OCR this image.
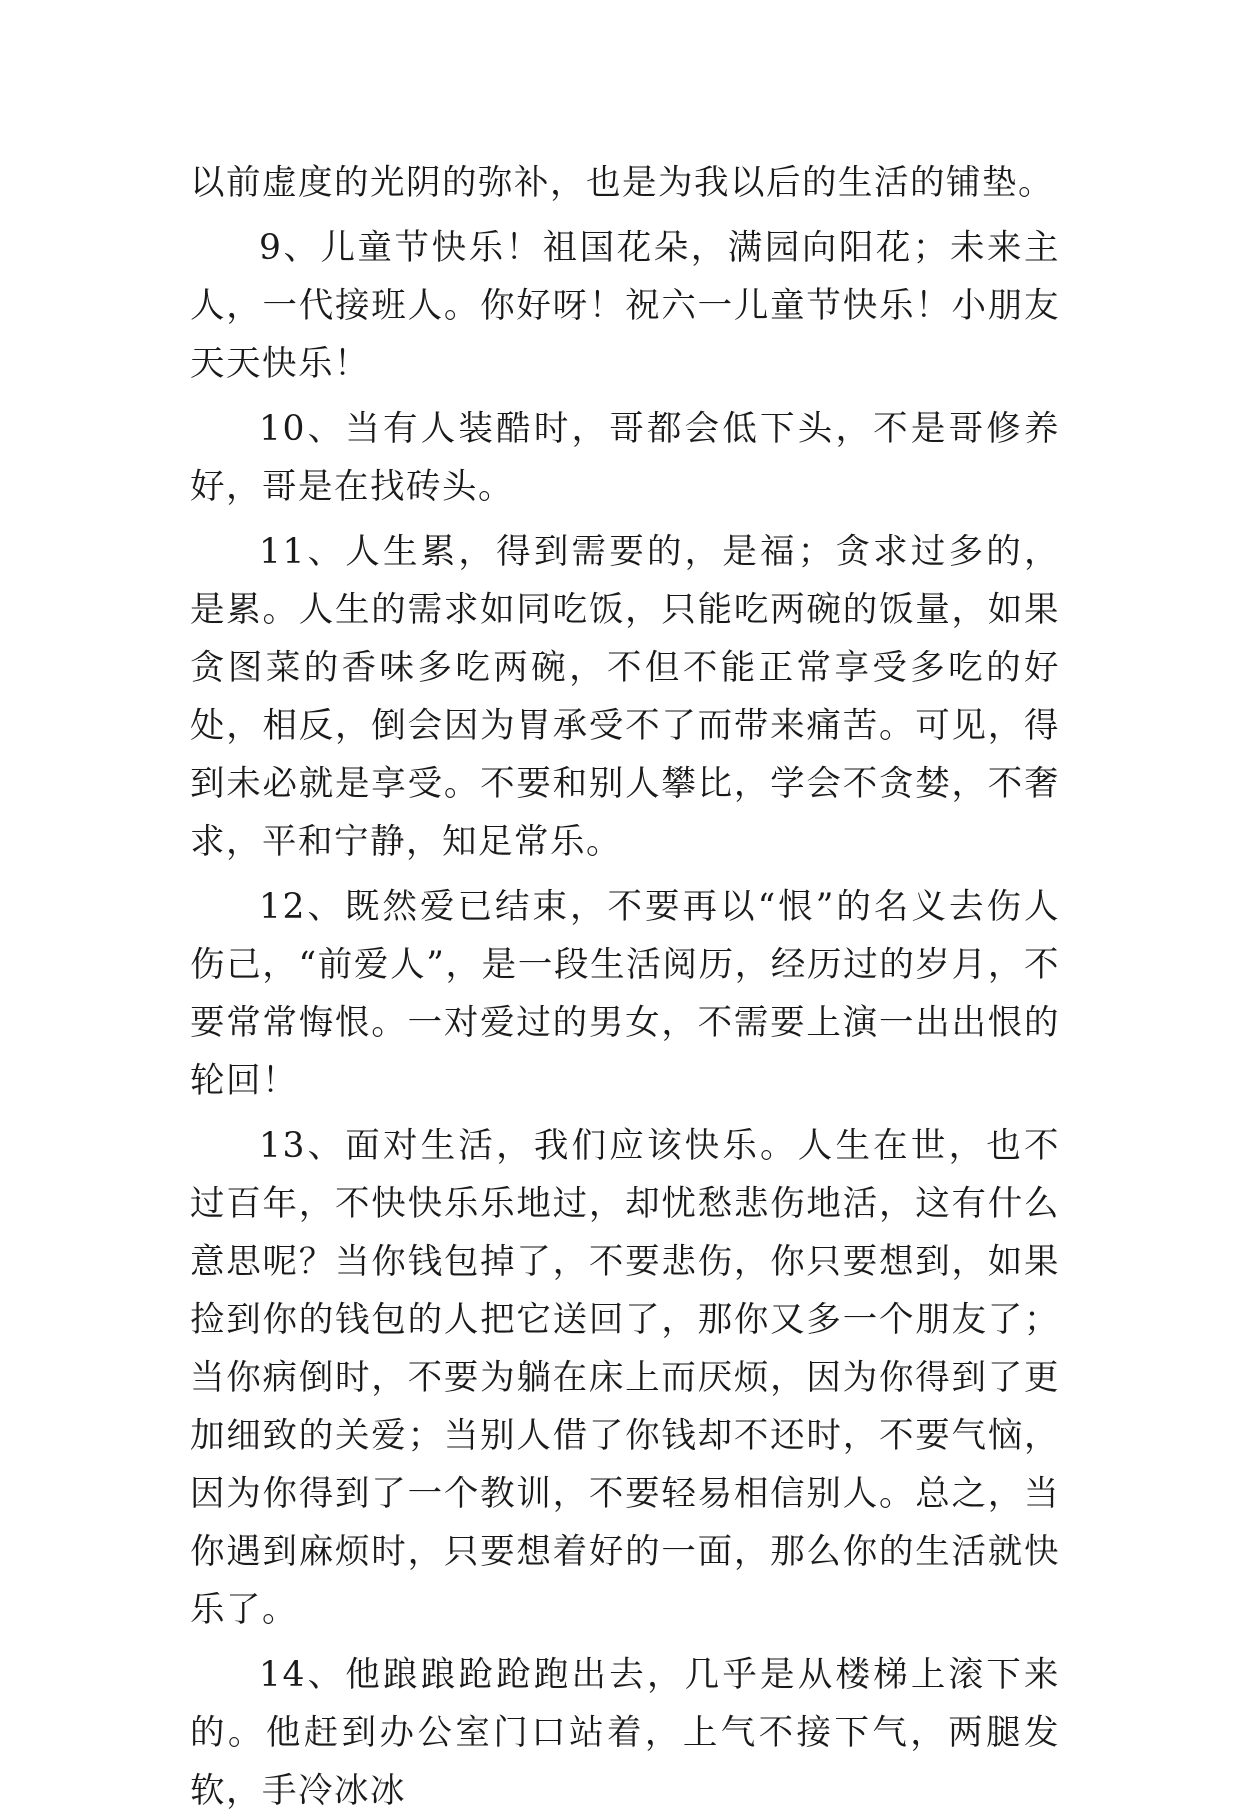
以前虚度的光阴的弥补，也是为我以后的生活的铺垫。

9、儿童节快乐！祖国花朵，满园向阳花；未来主人，一代接班人。你好呀！祝六一儿童节快乐！小朋友天天快乐！

10、当有人装酷时，哥都会低下头，不是哥修养好，哥是在找砖头。

11、人生累，得到需要的，是福；贪求过多的，是累。人生的需求如同吃饭，只能吃两碗的饭量，如果贪图菜的香味多吃两碗，不但不能正常享受多吃的好处，相反，倒会因为胃承受不了而带来痛苦。可见，得到未必就是享受。不要和别人攀比，学会不贪婪，不奢求，平和宁静，知足常乐。

12、既然爱已结束，不要再以“恨”的名义去伤人伤己，“前爱人”，是一段生活阅历，经历过的岁月，不要常常悔恨。一对爱过的男女，不需要上演一出出恨的轮回！

13、面对生活，我们应该快乐。人生在世，也不过百年，不快快乐乐地过，却忧愁悲伤地活，这有什么意思呢？当你钱包掉了，不要悲伤，你只要想到，如果捡到你的钱包的人把它送回了，那你又多一个朋友了；当你病倒时，不要为躺在床上而厌烦，因为你得到了更加细致的关爱；当别人借了你钱却不还时，不要气恼，因为你得到了一个教训，不要轻易相信别人。总之，当你遇到麻烦时，只要想着好的一面，那么你的生活就快乐了。

14、他踉踉跄跄跑出去，几乎是从楼梯上滚下来的。他赶到办公室门口站着，上气不接下气，两腿发软，手冷冰冰
